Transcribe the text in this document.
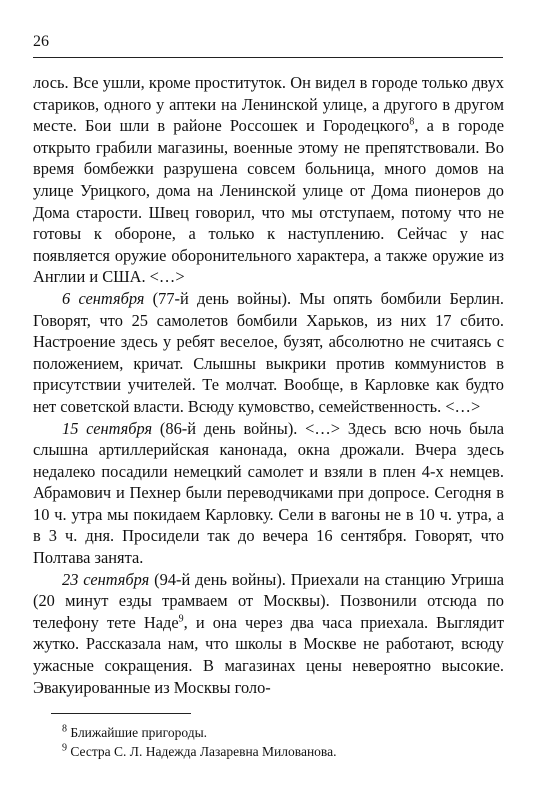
26

лось. Все ушли, кроме проституток. Он видел в городе только двух стариков, одного у аптеки на Ленинской улице, а другого в другом месте. Бои шли в районе Россошек и Городецкого$^8$, а в городе открыто грабили магазины, военные этому не препятствовали. Во время бомбежки разрушена совсем больница, много домов на улице Урицкого, дома на Ленинской улице от Дома пионеров до Дома старости. Швец говорил, что мы отступаем, потому что не готовы к обороне, а только к наступлению. Сейчас у нас появляется оружие оборонительного характера, а также оружие из Англии и США. <…>

6 сентября (77-й день войны). Мы опять бомбили Берлин. Говорят, что 25 самолетов бомбили Харьков, из них 17 сбито. Настроение здесь у ребят веселое, бузят, абсолютно не считаясь с положением, кричат. Слышны выкрики против коммунистов в присутствии учителей. Те молчат. Вообще, в Карловке как будто нет советской власти. Всюду кумовство, семейственность. <…>

15 сентября (86-й день войны). <…> Здесь всю ночь была слышна артиллерийская канонада, окна дрожали. Вчера здесь недалеко посадили немецкий самолет и взяли в плен 4-х немцев. Абрамович и Пехнер были переводчиками при допросе. Сегодня в 10 ч. утра мы покидаем Карловку. Сели в вагоны не в 10 ч. утра, а в 3 ч. дня. Просидели так до вечера 16 сентября. Говорят, что Полтава занята.

23 сентября (94-й день войны). Приехали на станцию Угриша (20 минут езды трамваем от Москвы). Позвонили отсюда по телефону тете Наде$^9$, и она через два часа приехала. Выглядит жутко. Рассказала нам, что школы в Москве не работают, всюду ужасные сокращения. В магазинах цены невероятно высокие. Эвакуированные из Москвы голо-

$^8$ Ближайшие пригороды.

$^9$ Сестра С. Л. Надежда Лазаревна Милованова.
